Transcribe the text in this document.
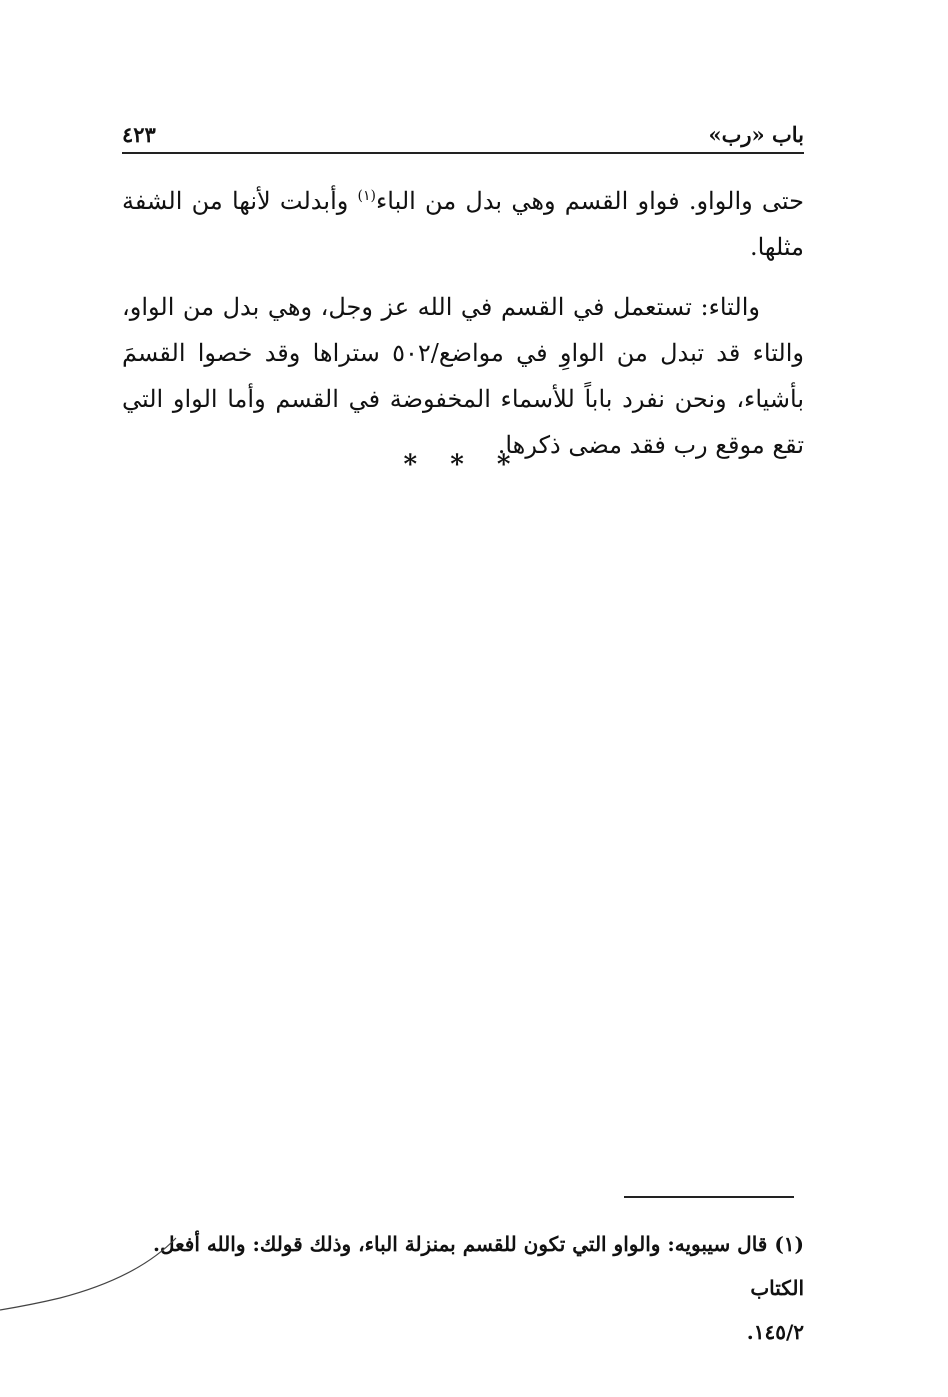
باب «رب»
٤٢٣

حتى والواو. فواو القسم وهي بدل من الباء$^{(١)}$ وأبدلت لأنها من الشفة مثلها.

والتاء: تستعمل في القسم في الله عز وجل، وهي بدل من الواو، والتاء قد تبدل من الواوِ في مواضع/٥٠٢ ستراها وقد خصوا القسمَ بأشياء، ونحن نفرد باباً للأسماء المخفوضة في القسم وأما الواو التي تقع موقع رب فقد مضى ذكرها.

* * *

(١) قال سيبويه: والواو التي تكون للقسم بمنزلة الباء، وذلك قولك: والله أفعل. الكتاب

١٤٥/٢.
